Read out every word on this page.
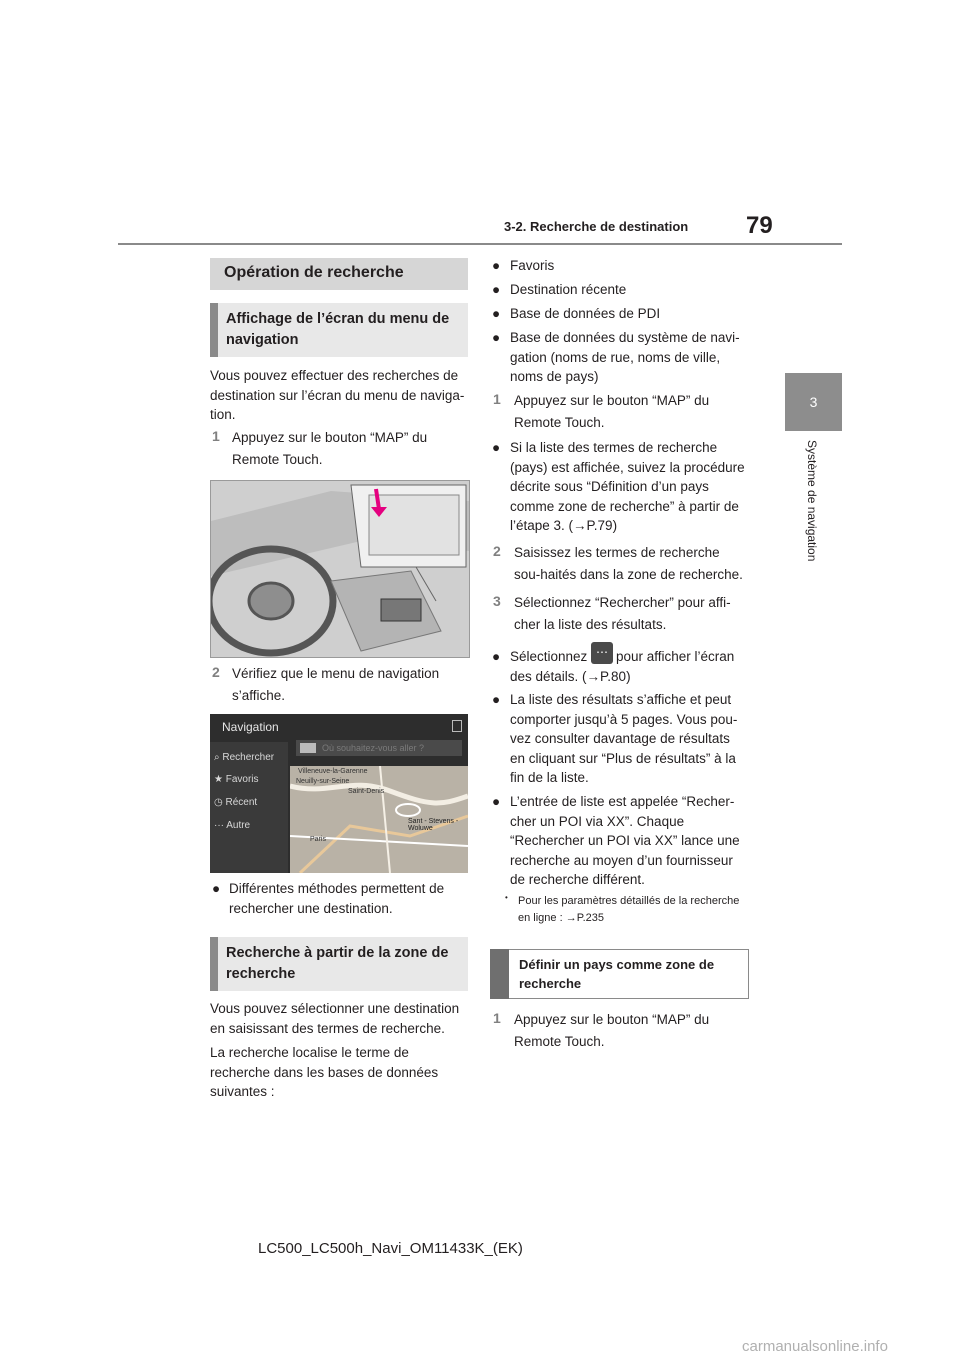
3-2. Recherche de destination 79
3
Système de navigation
Opération de recherche
Affichage de l’écran du menu de navigation
Vous pouvez effectuer des recherches de destination sur l’écran du menu de naviga-tion.
1 Appuyez sur le bouton “MAP” du Remote Touch.
2 Vérifiez que le menu de navigation s’affiche.
Navigation
⌕ Rechercher
★ Favoris
◷ Récent
··· Autre
Où souhaitez-vous aller ?
Villeneuve-la-Garenne
Neuilly-sur-Seine
Sant - Stevens - Woluwe
Saint-Denis
Paris
● Différentes méthodes permettent de rechercher une destination.
Recherche à partir de la zone de recherche
Vous pouvez sélectionner une destination en saisissant des termes de recherche.
La recherche localise le terme de recherche dans les bases de données suivantes :
● Favoris
● Destination récente
● Base de données de PDI
● Base de données du système de navi-gation (noms de rue, noms de ville, noms de pays)
1 Appuyez sur le bouton “MAP” du Remote Touch.
● Si la liste des termes de recherche (pays) est affichée, suivez la procédure décrite sous “Définition d’un pays comme zone de recherche” à partir de l’étape 3. (→P.79)
2 Saisissez les termes de recherche sou-haités dans la zone de recherche.
3 Sélectionnez “Rechercher” pour affi-cher la liste des résultats.
● Sélectionnez ⋯ pour afficher l’écran des détails. (→P.80)
● La liste des résultats s’affiche et peut comporter jusqu’à 5 pages. Vous pou-vez consulter davantage de résultats en cliquant sur “Plus de résultats” à la fin de la liste.
● L’entrée de liste est appelée “Recher-cher un POI via XX”. Chaque “Rechercher un POI via XX” lance une recherche au moyen d’un fournisseur de recherche différent.
• Pour les paramètres détaillés de la recherche en ligne : →P.235
Définir un pays comme zone de recherche
1 Appuyez sur le bouton “MAP” du Remote Touch.
LC500_LC500h_Navi_OM11433K_(EK)
carmanualsonline.info
